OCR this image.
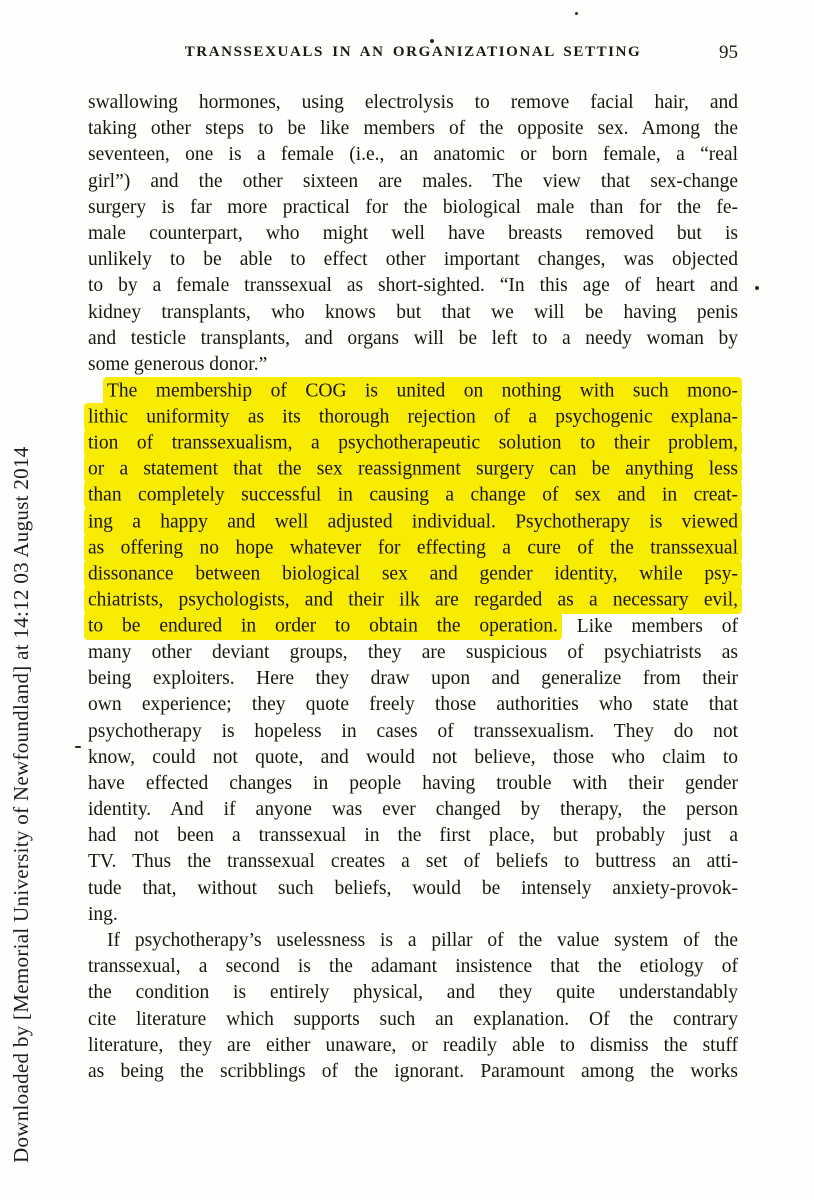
Downloaded by [Memorial University of Newfoundland] at 14:12 03 August 2014
TRANSSEXUALS IN AN ORGANIZATIONAL SETTING	95
swallowing hormones, using electrolysis to remove facial hair, and
taking other steps to be like members of the opposite sex. Among the
seventeen, one is a female (i.e., an anatomic or born female, a “real
girl”) and the other sixteen are males. The view that sex-change
surgery is far more practical for the biological male than for the fe-
male counterpart, who might well have breasts removed but is
unlikely to be able to effect other important changes, was objected
to by a female transsexual as short-sighted. “In this age of heart and
kidney transplants, who knows but that we will be having penis
and testicle transplants, and organs will be left to a needy woman by
some generous donor.”
The membership of COG is united on nothing with such mono-
lithic uniformity as its thorough rejection of a psychogenic explana-
tion of transsexualism, a psychotherapeutic solution to their problem,
or a statement that the sex reassignment surgery can be anything less
than completely successful in causing a change of sex and in creat-
ing a happy and well adjusted individual. Psychotherapy is viewed
as offering no hope whatever for effecting a cure of the transsexual
dissonance between biological sex and gender identity, while psy-
chiatrists, psychologists, and their ilk are regarded as a necessary evil,
to be endured in order to obtain the operation. Like members of
many other deviant groups, they are suspicious of psychiatrists as
being exploiters. Here they draw upon and generalize from their
own experience; they quote freely those authorities who state that
psychotherapy is hopeless in cases of transsexualism. They do not
know, could not quote, and would not believe, those who claim to
have effected changes in people having trouble with their gender
identity. And if anyone was ever changed by therapy, the person
had not been a transsexual in the first place, but probably just a
TV. Thus the transsexual creates a set of beliefs to buttress an atti-
tude that, without such beliefs, would be intensely anxiety-provok-
ing.
If psychotherapy’s uselessness is a pillar of the value system of the
transsexual, a second is the adamant insistence that the etiology of
the condition is entirely physical, and they quite understandably
cite literature which supports such an explanation. Of the contrary
literature, they are either unaware, or readily able to dismiss the stuff
as being the scribblings of the ignorant. Paramount among the works
